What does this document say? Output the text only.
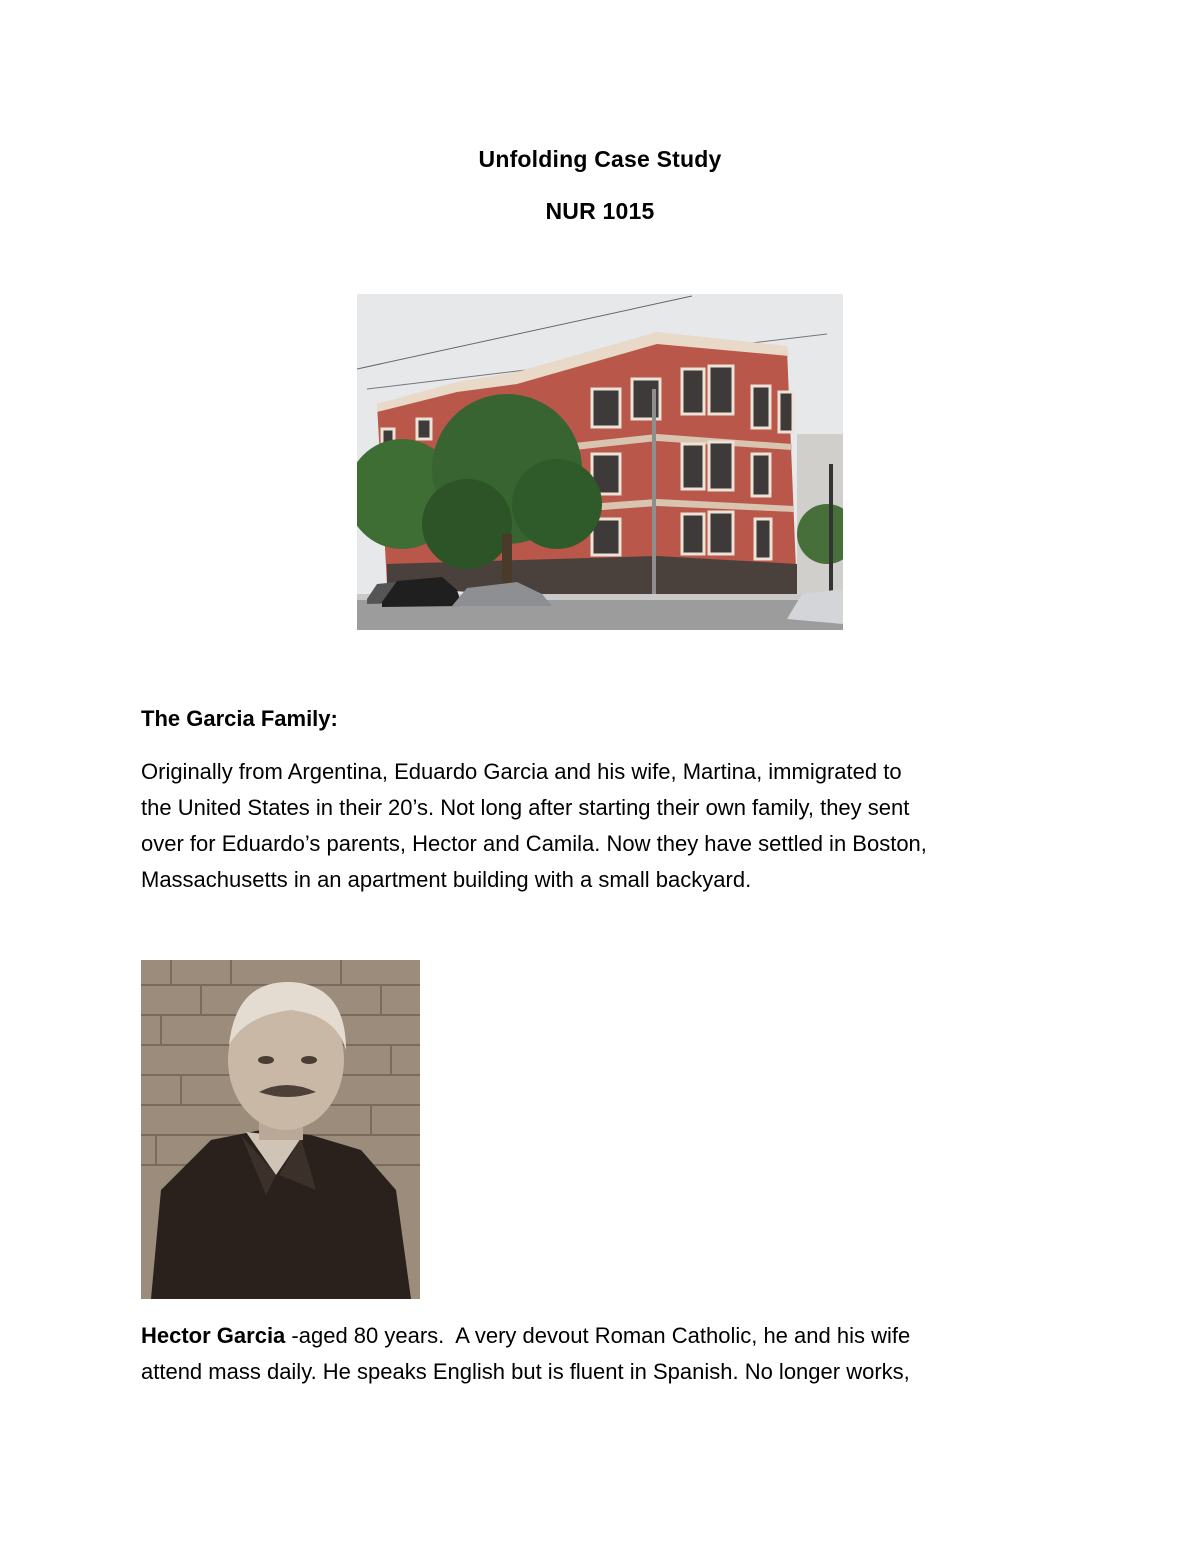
Unfolding Case Study
NUR 1015
The Garcia Family:
Originally from Argentina, Eduardo Garcia and his wife, Martina, immigrated to
the United States in their 20’s. Not long after starting their own family, they sent
over for Eduardo’s parents, Hector and Camila. Now they have settled in Boston,
Massachusetts in an apartment building with a small backyard.
Hector Garcia -aged 80 years.  A very devout Roman Catholic, he and his wife
attend mass daily. He speaks English but is fluent in Spanish. No longer works,
